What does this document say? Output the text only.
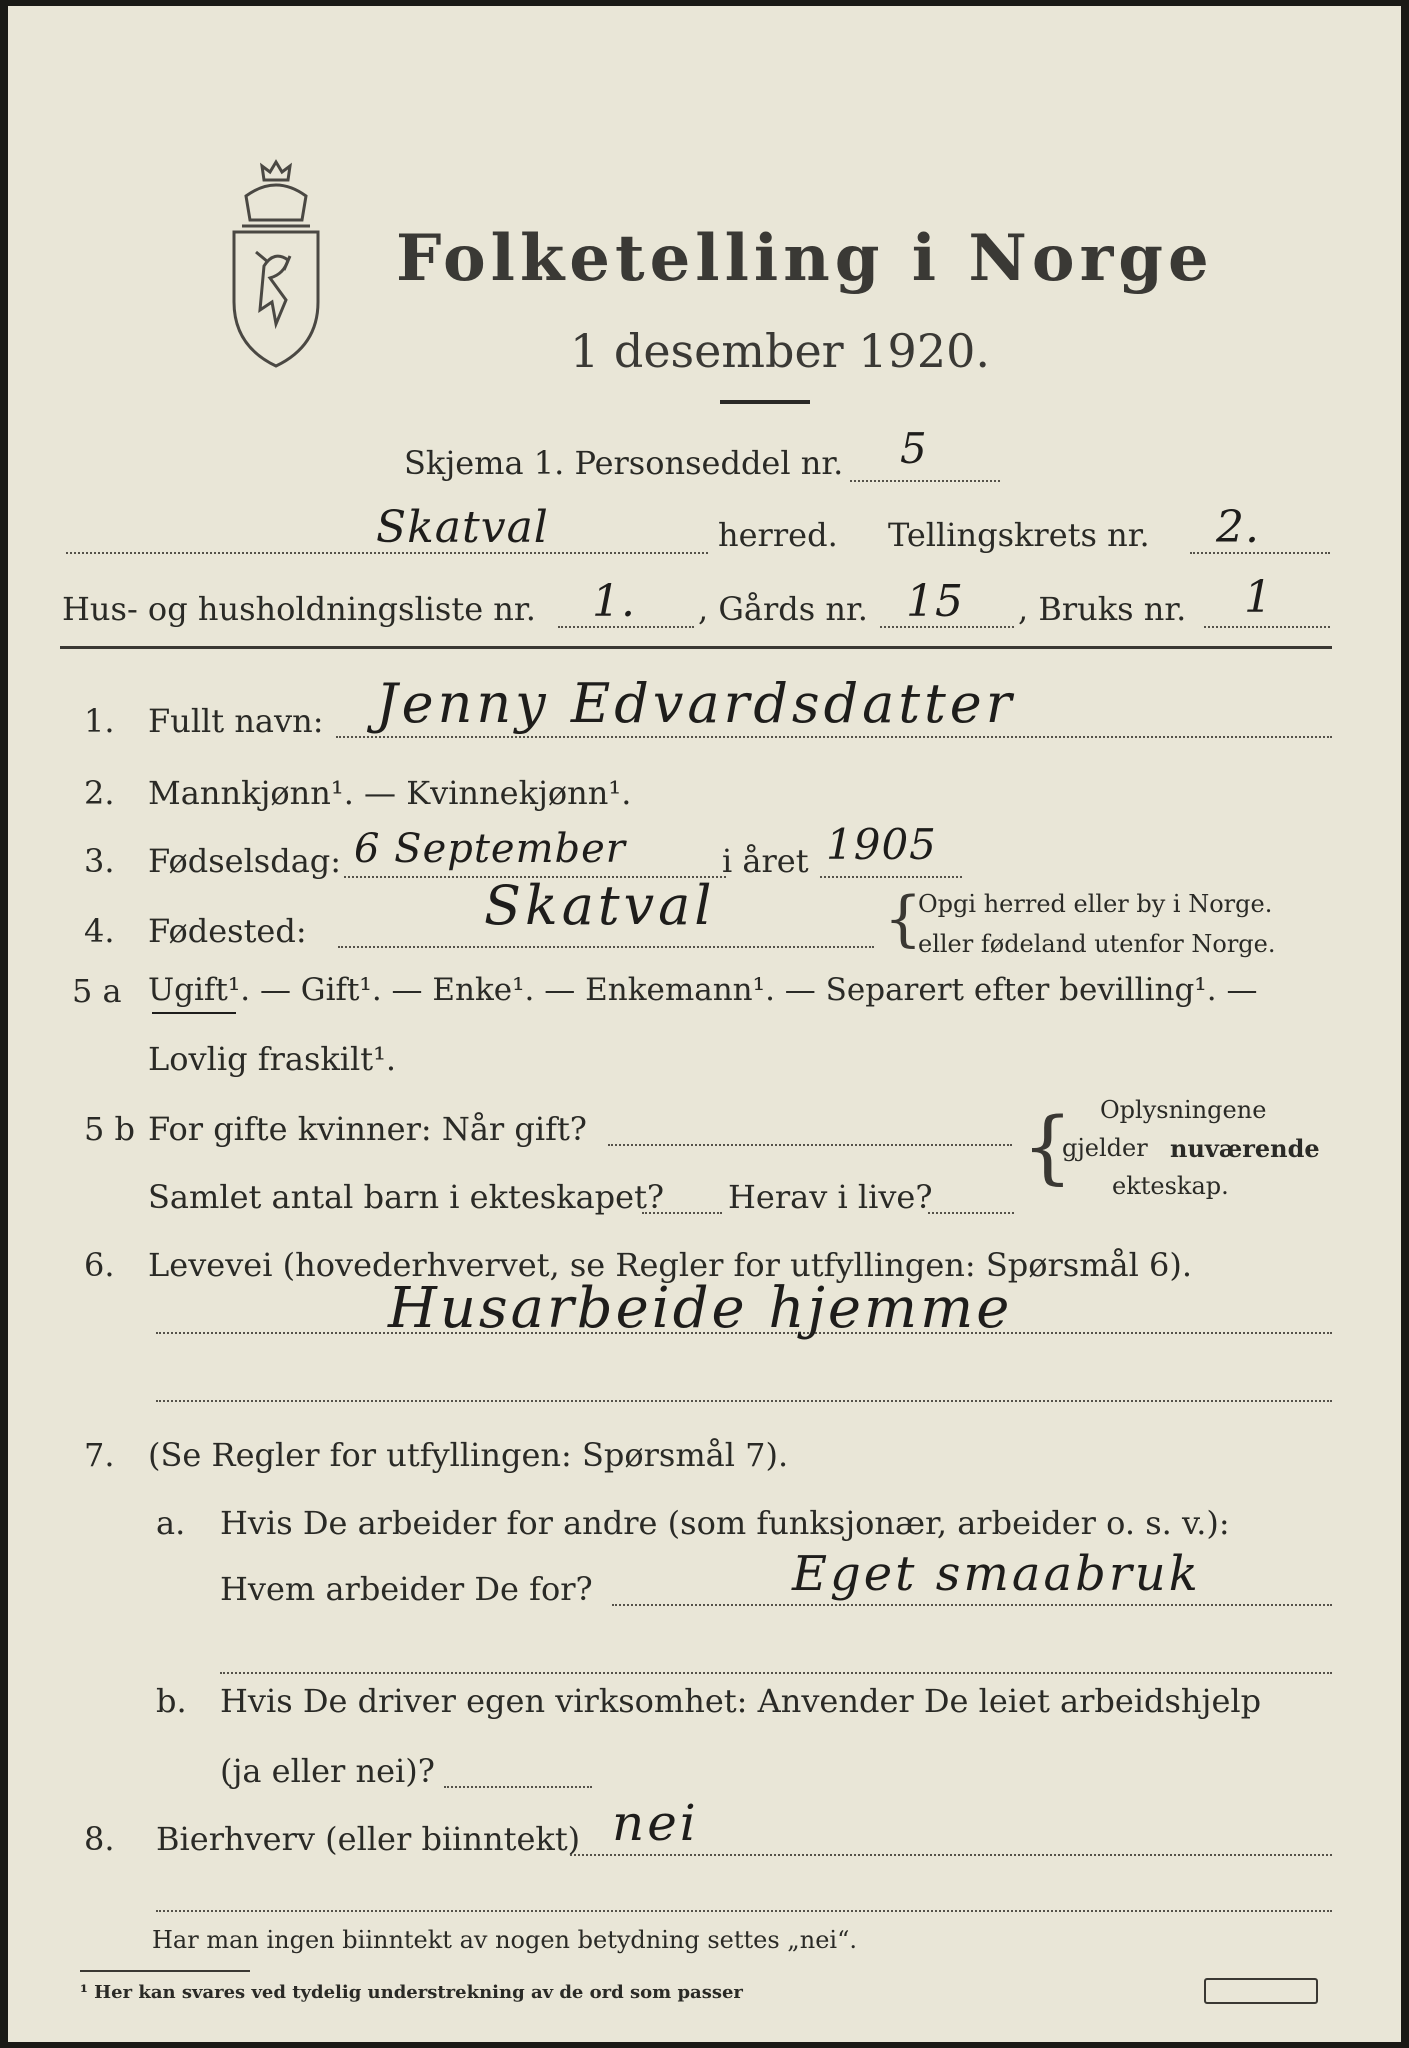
Folketelling i Norge
1 desember 1920.
Skjema 1. Personseddel nr. 5
Skatval	herred. Tellingskrets nr. 2.
Hus- og husholdningsliste nr. 1. , Gårds nr. 15 , Bruks nr. 1
1. Fullt navn: Jenny Edvardsdatter
2. Mannkjønn¹. — Kvinnekjønn¹.
3. Fødselsdag: 6 September	i året 1905
4. Fødested:	Skatval	{
Opgi herred eller by i Norge.
eller fødeland utenfor Norge.
5 a Ugift¹. — Gift¹. — Enke¹. — Enkemann¹. — Separert efter bevilling¹. —
Lovlig fraskilt¹.
5 b For gifte kvinner: Når gift?
Samlet antal barn i ekteskapet? Herav i live?
{ Oplysningene
gjelder nuværende
ekteskap.
6. Levevei (hovederhvervet, se Regler for utfyllingen: Spørsmål 6).
Husarbeide hjemme
7. (Se Regler for utfyllingen: Spørsmål 7).
a. Hvis De arbeider for andre (som funksjonær, arbeider o. s. v.):
Hvem arbeider De for?	Eget smaabruk
b. Hvis De driver egen virksomhet: Anvender De leiet arbeidshjelp
(ja eller nei)?
8. Bierhverv (eller biinntekt) nei
Har man ingen biinntekt av nogen betydning settes „nei“.
¹ Her kan svares ved tydelig understrekning av de ord som passer
